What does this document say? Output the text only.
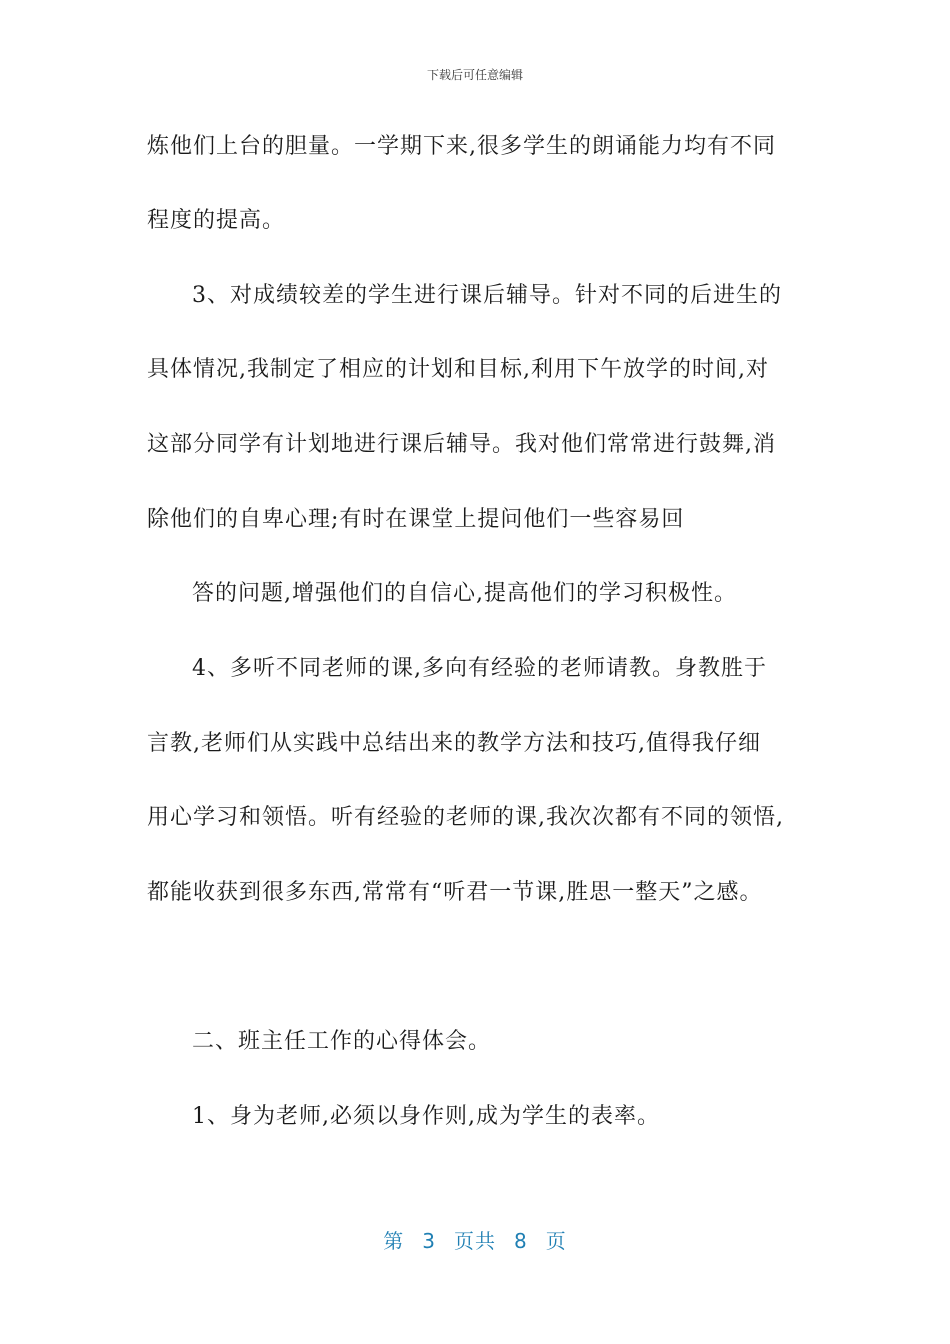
下载后可任意编辑
炼他们上台的胆量。一学期下来,很多学生的朗诵能力均有不同
程度的提高。
3、对成绩较差的学生进行课后辅导。针对不同的后进生的
具体情况,我制定了相应的计划和目标,利用下午放学的时间,对
这部分同学有计划地进行课后辅导。我对他们常常进行鼓舞,消
除他们的自卑心理;有时在课堂上提问他们一些容易回
答的问题,增强他们的自信心,提高他们的学习积极性。
4、多听不同老师的课,多向有经验的老师请教。身教胜于
言教,老师们从实践中总结出来的教学方法和技巧,值得我仔细
用心学习和领悟。听有经验的老师的课,我次次都有不同的领悟,
都能收获到很多东西,常常有“听君一节课,胜思一整天”之感。
二、班主任工作的心得体会。
1、身为老师,必须以身作则,成为学生的表率。
第 3 页共 8 页
